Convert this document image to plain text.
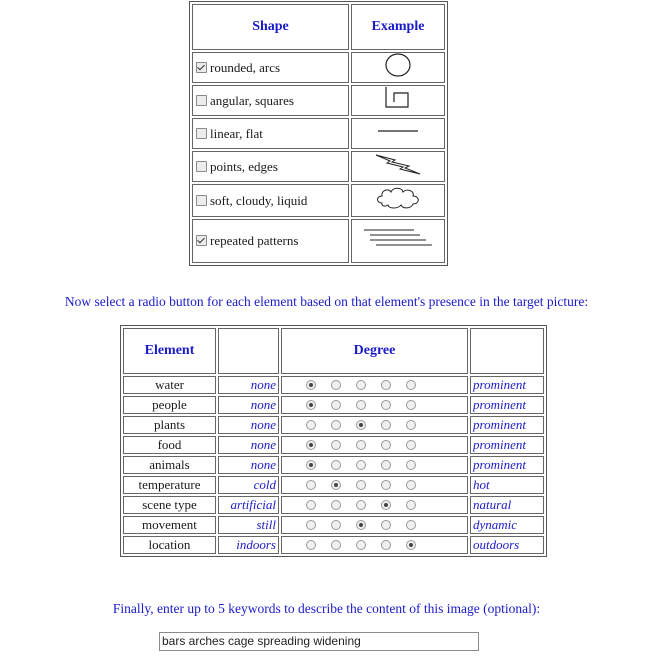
Shape	Example
rounded, arcs	
angular, squares	
linear, flat	
points, edges	
soft, cloudy, liquid	
repeated patterns	
Now select a radio button for each element based on that element's presence in the target picture:
Element		Degree	
water	none		prominent
people	none		prominent
plants	none		prominent
food	none		prominent
animals	none		prominent
temperature	cold		hot
scene type	artificial		natural
movement	still		dynamic
location	indoors		outdoors
Finally, enter up to 5 keywords to describe the content of this image (optional):
bars arches cage spreading widening
